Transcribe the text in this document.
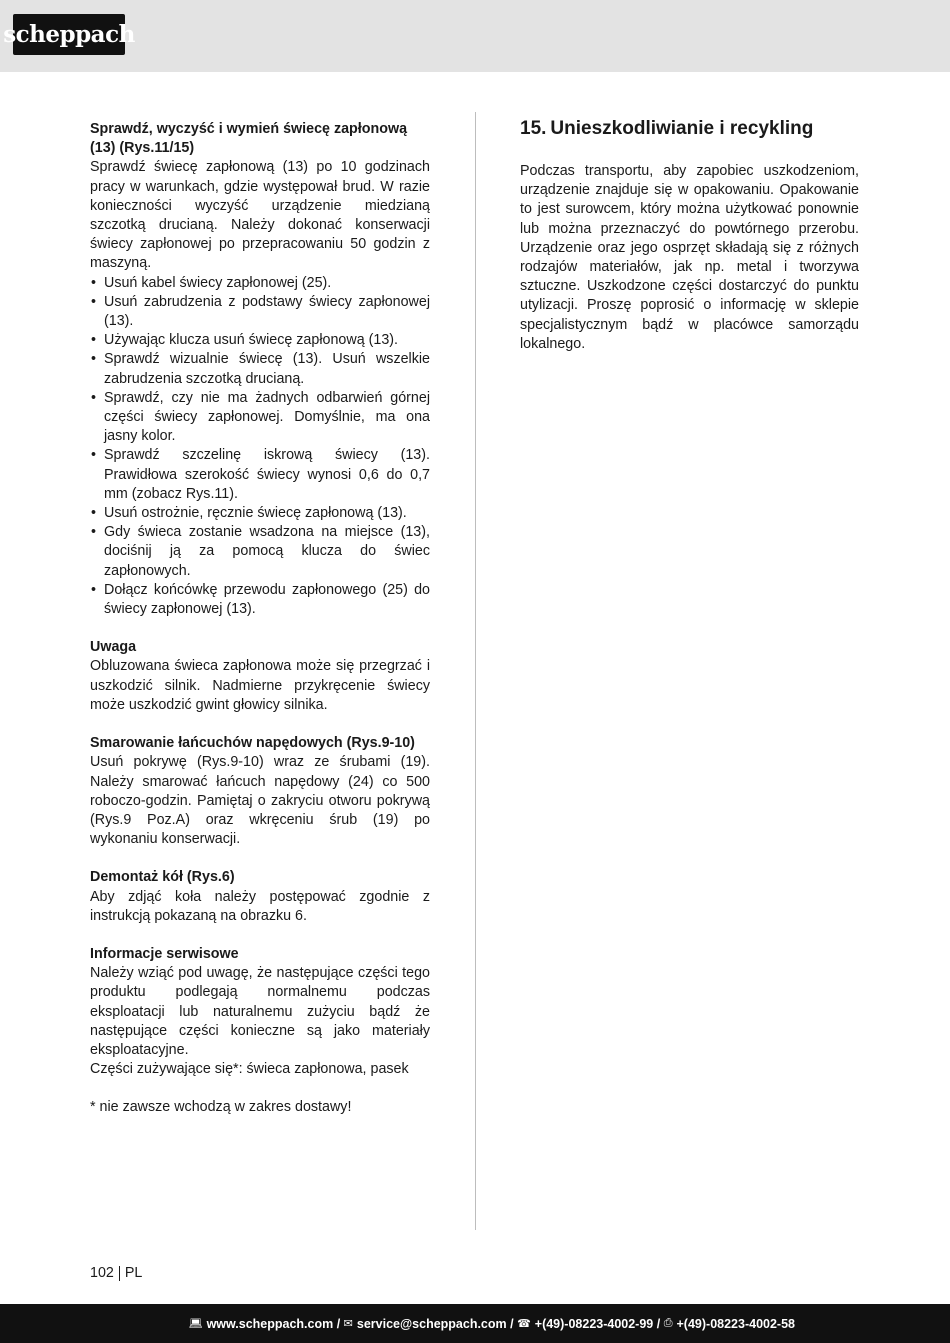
scheppach

Sprawdź, wyczyść i wymień świecę zapłonową (13) (Rys.11/15)

Sprawdź świecę zapłonową (13) po 10 godzinach pracy w warunkach, gdzie występował brud. W razie konieczności wyczyść urządzenie miedzianą szczotką drucianą. Należy dokonać konserwacji świecy zapłonowej po przepracowaniu 50 godzin z maszyną.

• Usuń kabel świecy zapłonowej (25).
• Usuń zabrudzenia z podstawy świecy zapłonowej (13).
• Używając klucza usuń świecę zapłonową (13).
• Sprawdź wizualnie świecę (13). Usuń wszelkie zabrudzenia szczotką drucianą.
• Sprawdź, czy nie ma żadnych odbarwień górnej części świecy zapłonowej. Domyślnie, ma ona jasny kolor.
• Sprawdź szczelinę iskrową świecy (13). Prawidłowa szerokość świecy wynosi 0,6 do 0,7 mm (zobacz Rys.11).
• Usuń ostrożnie, ręcznie świecę zapłonową (13).
• Gdy świeca zostanie wsadzona na miejsce (13), dociśnij ją za pomocą klucza do świec zapłonowych.
• Dołącz końcówkę przewodu zapłonowego (25) do świecy zapłonowej (13).

Uwaga

Obluzowana świeca zapłonowa może się przegrzać i uszkodzić silnik. Nadmierne przykręcenie świecy może uszkodzić gwint głowicy silnika.

Smarowanie łańcuchów napędowych (Rys.9-10)

Usuń pokrywę (Rys.9-10) wraz ze śrubami (19). Należy smarować łańcuch napędowy (24) co 500 roboczo-godzin. Pamiętaj o zakryciu otworu pokrywą (Rys.9 Poz.A) oraz wkręceniu śrub (19) po wykonaniu konserwacji.

Demontaż kół (Rys.6)

Aby zdjąć koła należy postępować zgodnie z instrukcją pokazaną na obrazku 6.

Informacje serwisowe

Należy wziąć pod uwagę, że następujące części tego produktu podlegają normalnemu podczas eksploatacji lub naturalnemu zużyciu bądź że następujące części konieczne są jako materiały eksploatacyjne.

Części zużywające się*: świeca zapłonowa, pasek

* nie zawsze wchodzą w zakres dostawy!

15. Unieszkodliwianie i recykling

Podczas transportu, aby zapobiec uszkodzeniom, urządzenie znajduje się w opakowaniu. Opakowanie to jest surowcem, który można użytkować ponownie lub można przeznaczyć do powtórnego przerobu. Urządzenie oraz jego osprzęt składają się z różnych rodzajów materiałów, jak np. metal i tworzywa sztuczne. Uszkodzone części dostarczyć do punktu utylizacji. Proszę poprosić o informację w sklepie specjalistycznym bądź w placówce samorządu lokalnego.

102 PL
💻︎ www.scheppach.com / ✉︎ service@scheppach.com / ☎︎ +(49)-08223-4002-99 / ⎙ +(49)-08223-4002-58
